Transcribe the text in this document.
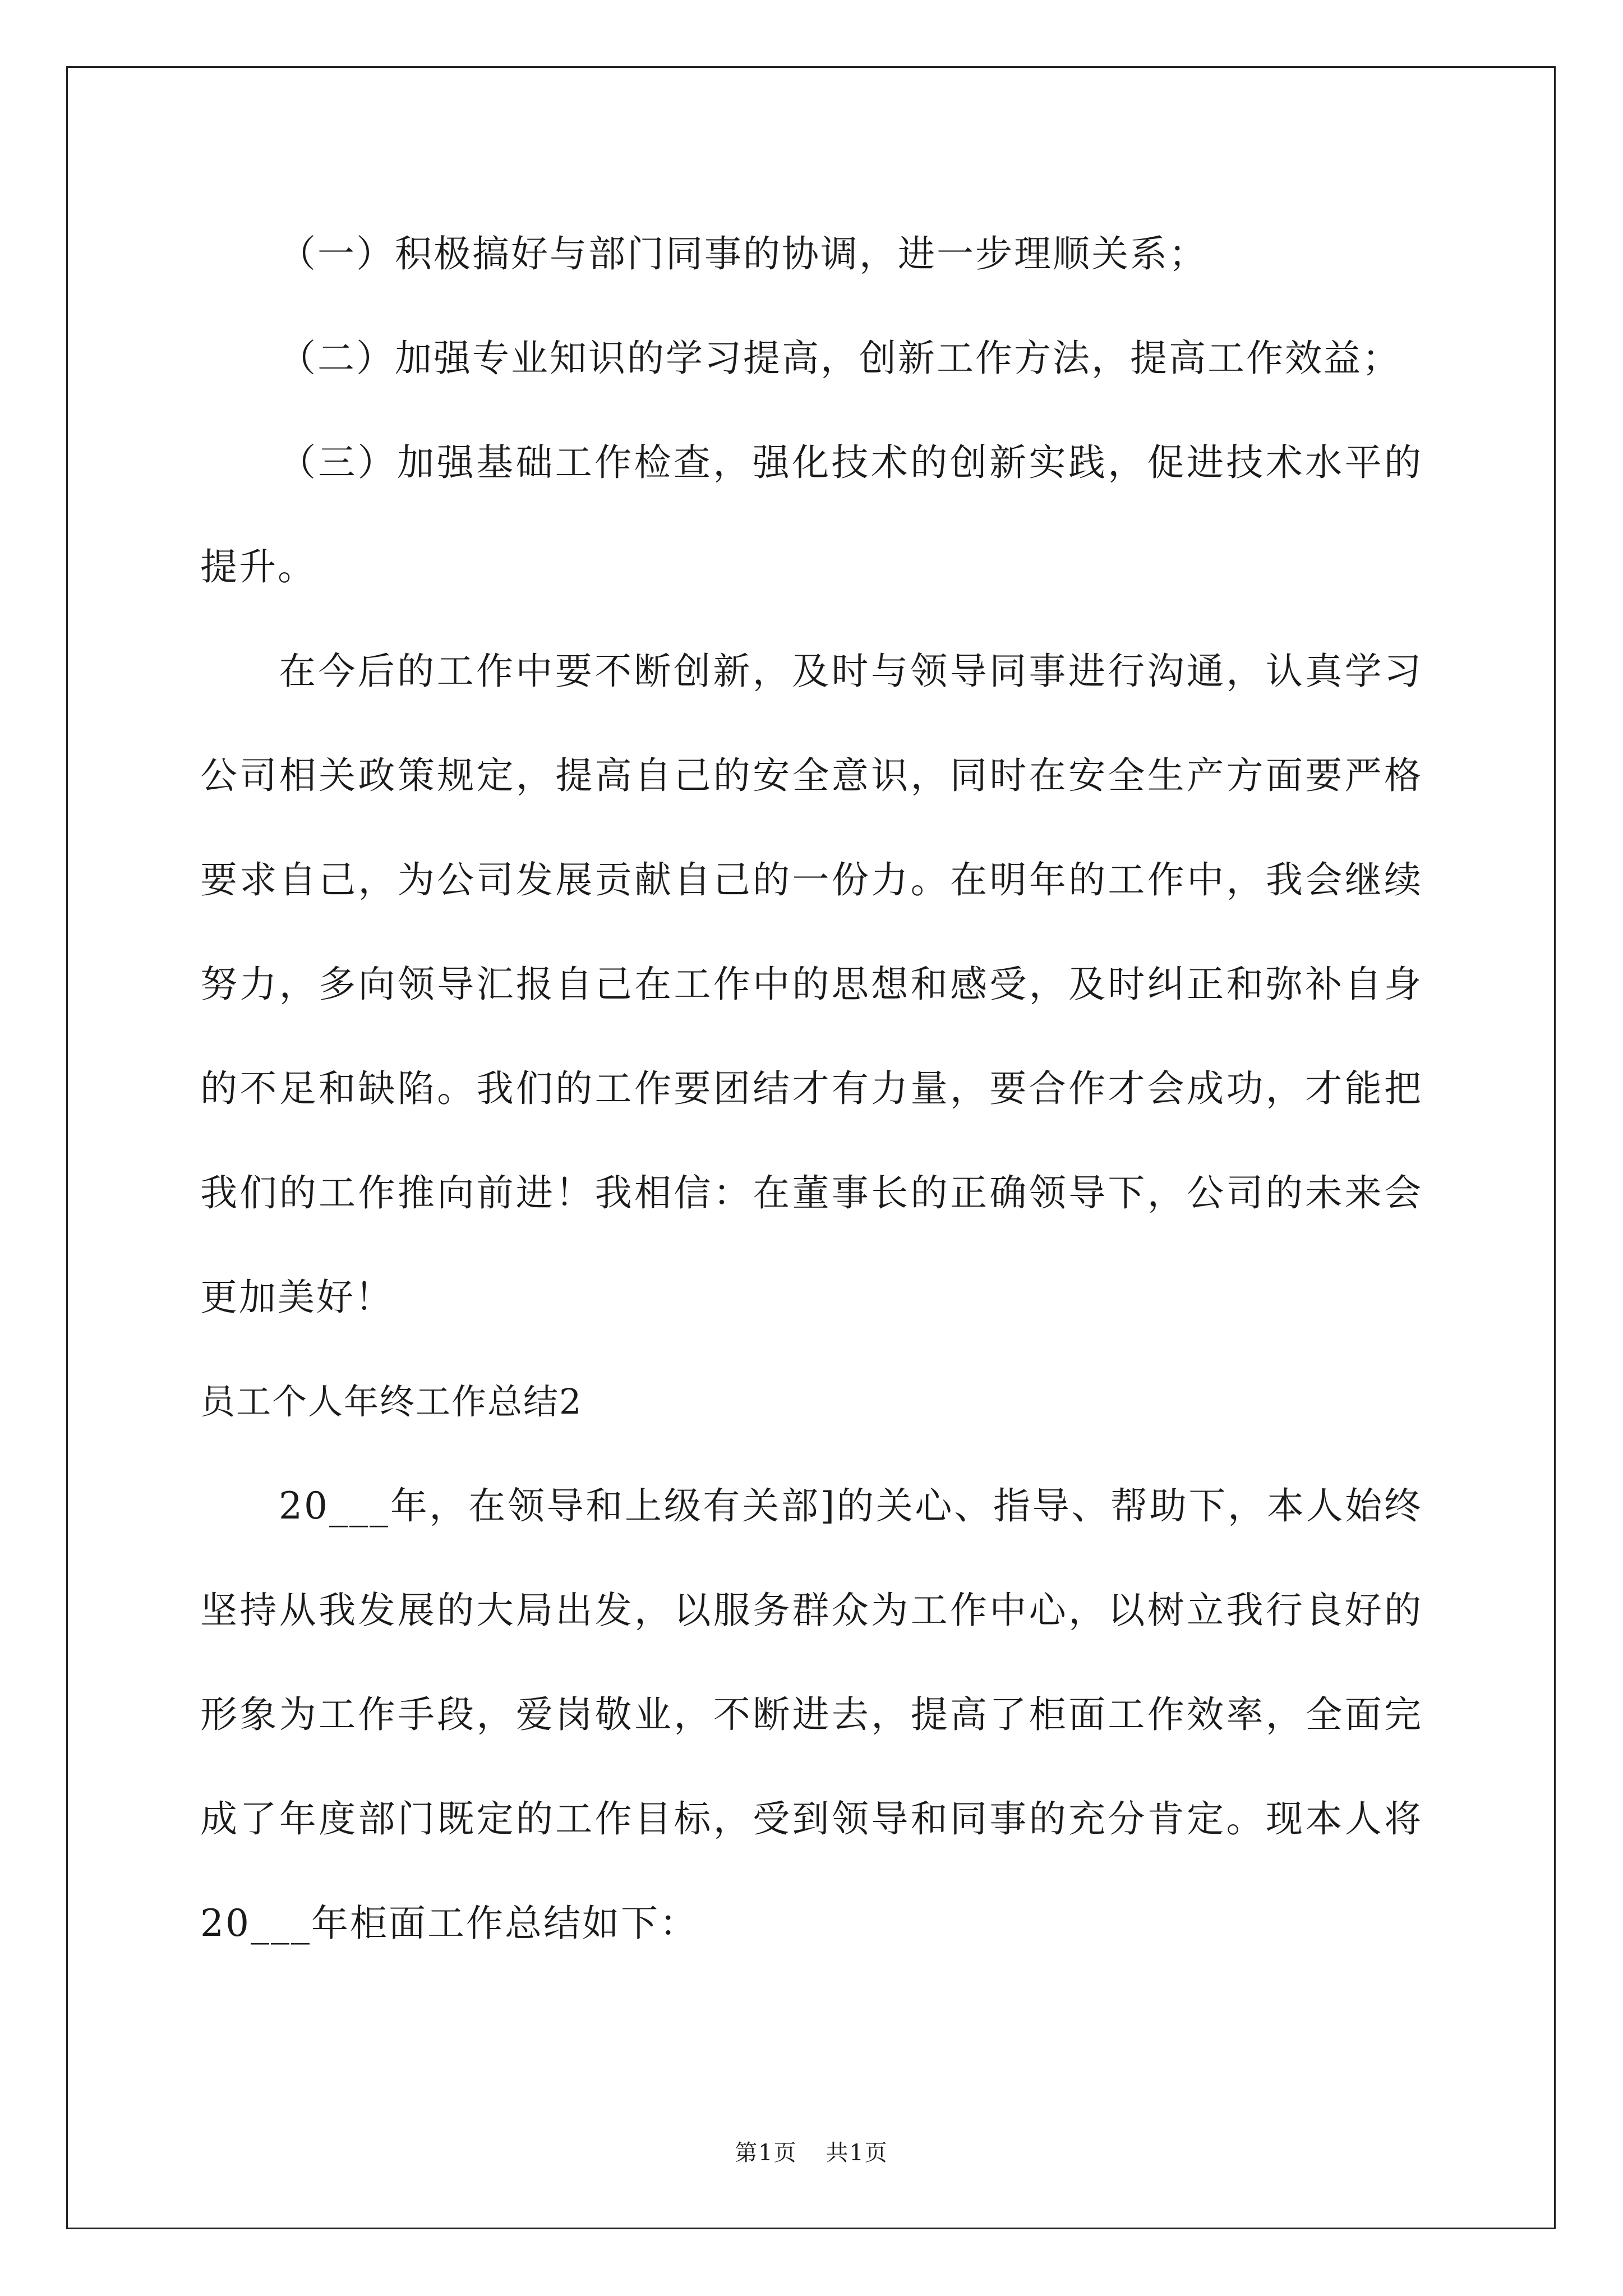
（一）积极搞好与部门同事的协调，进一步理顺关系；

（二）加强专业知识的学习提高，创新工作方法，提高工作效益；

（三）加强基础工作检查，强化技术的创新实践，促进技术水平的提升。

在今后的工作中要不断创新，及时与领导同事进行沟通，认真学习公司相关政策规定，提高自己的安全意识，同时在安全生产方面要严格要求自己，为公司发展贡献自己的一份力。在明年的工作中，我会继续努力，多向领导汇报自己在工作中的思想和感受，及时纠正和弥补自身的不足和缺陷。我们的工作要团结才有力量，要合作才会成功，才能把我们的工作推向前进！我相信：在董事长的正确领导下，公司的未来会更加美好！

员工个人年终工作总结2

20___年，在领导和上级有关部]的关心、指导、帮助下，本人始终坚持从我发展的大局出发，以服务群众为工作中心，以树立我行良好的形象为工作手段，爱岗敬业，不断进去，提高了柜面工作效率，全面完成了年度部门既定的工作目标，受到领导和同事的充分肯定。现本人将20___年柜面工作总结如下：

第1页 共1页
